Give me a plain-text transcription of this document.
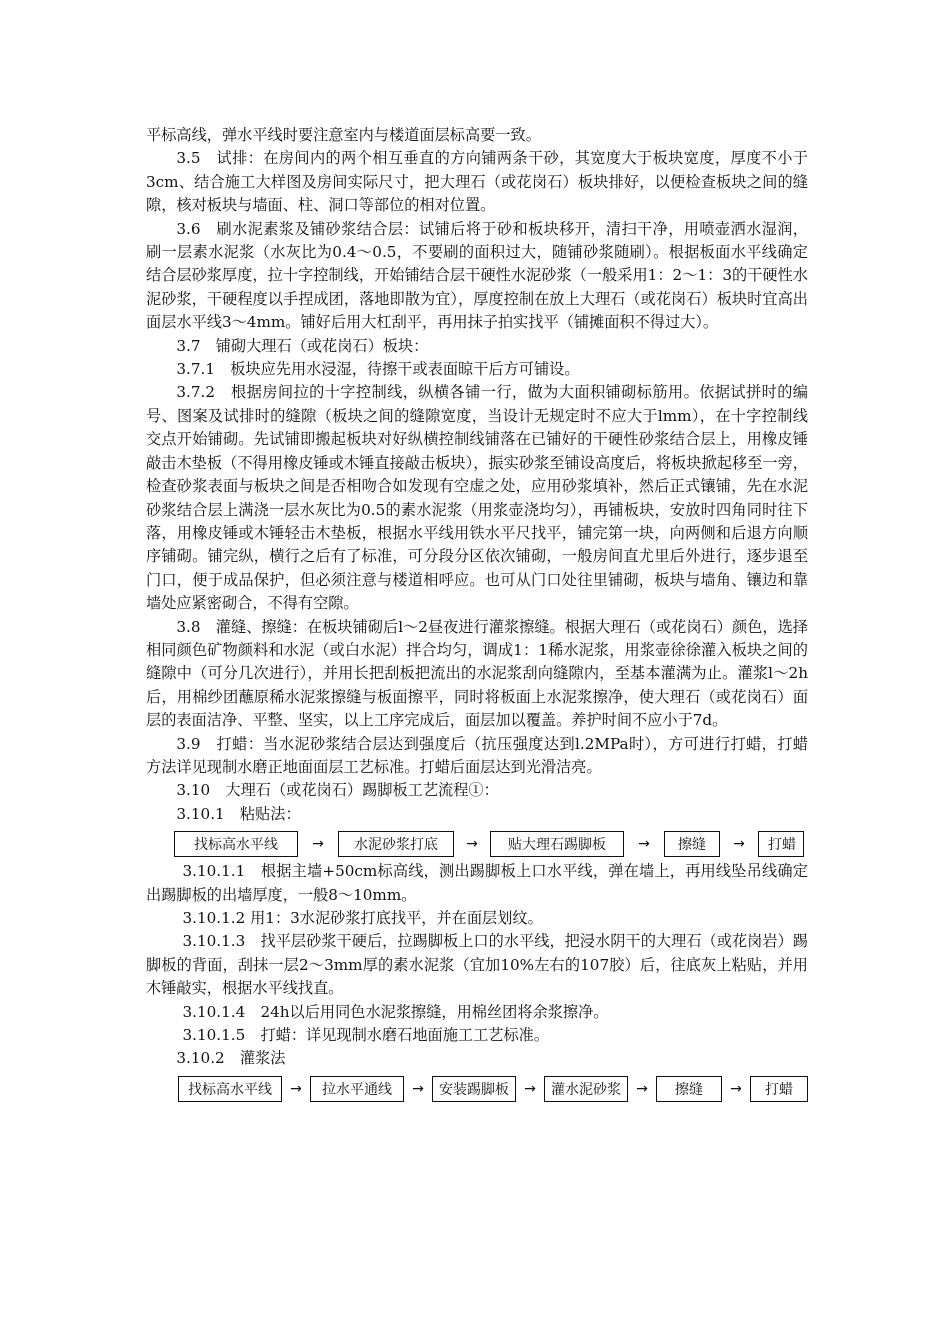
平标高线，弹水平线时要注意室内与楼道面层标高要一致。

3.5　试排：在房间内的两个相互垂直的方向铺两条干砂，其宽度大于板块宽度，厚度不小于3cm、结合施工大样图及房间实际尺寸，把大理石（或花岗石）板块排好，以便检查板块之间的缝隙，核对板块与墙面、柱、洞口等部位的相对位置。

3.6　刷水泥素浆及铺砂浆结合层：试铺后将于砂和板块移开，清扫干净，用喷壶洒水湿润，刷一层素水泥浆（水灰比为0.4～0.5，不要刷的面积过大，随铺砂浆随刷）。根据板面水平线确定结合层砂浆厚度，拉十字控制线，开始铺结合层干硬性水泥砂浆（一般采用1：2～1：3的干硬性水泥砂浆，干硬程度以手捏成团，落地即散为宜），厚度控制在放上大理石（或花岗石）板块时宜高出面层水平线3～4mm。铺好后用大杠刮平，再用抹子拍实找平（铺摊面积不得过大）。

3.7　铺砌大理石（或花岗石）板块：

3.7.1　板块应先用水浸湿，待擦干或表面晾干后方可铺设。

3.7.2　根据房间拉的十字控制线，纵横各铺一行，做为大面积铺砌标筋用。依据试拼时的编号、图案及试排时的缝隙（板块之间的缝隙宽度，当设计无规定时不应大于lmm），在十字控制线交点开始铺砌。先试铺即搬起板块对好纵横控制线铺落在已铺好的干硬性砂浆结合层上，用橡皮锤敲击木垫板（不得用橡皮锤或木锤直接敲击板块），振实砂浆至铺设高度后，将板块掀起移至一旁，检查砂浆表面与板块之间是否相吻合如发现有空虚之处，应用砂浆填补，然后正式镶铺，先在水泥砂浆结合层上满浇一层水灰比为0.5的素水泥浆（用浆壶浇均匀），再铺板块，安放时四角同时往下落，用橡皮锤或木锤轻击木垫板，根据水平线用铁水平尺找平，铺完第一块，向两侧和后退方向顺序铺砌。铺完纵，横行之后有了标准，可分段分区依次铺砌，一般房间直尤里后外进行，逐步退至门口，便于成品保护，但必须注意与楼道相呼应。也可从门口处往里铺砌，板块与墙角、镶边和靠墙处应紧密砌合，不得有空隙。

3.8　灌缝、擦缝：在板块铺砌后l～2昼夜进行灌浆擦缝。根据大理石（或花岗石）颜色，选择相同颜色矿物颜料和水泥（或白水泥）拌合均匀，调成1：1稀水泥浆，用浆壶徐徐灌入板块之间的缝隙中（可分几次进行），并用长把刮板把流出的水泥浆刮向缝隙内，至基本灌满为止。灌浆l～2h后，用棉纱团蘸原稀水泥浆擦缝与板面擦平，同时将板面上水泥浆擦净，使大理石（或花岗石）面层的表面洁净、平整、坚实，以上工序完成后，面层加以覆盖。养护时间不应小于7d。

3.9　打蜡：当水泥砂浆结合层达到强度后（抗压强度达到l.2MPa时），方可进行打蜡，打蜡方法详见现制水磨正地面面层工艺标准。打蜡后面层达到光滑洁亮。

3.10　大理石（或花岗石）踢脚板工艺流程①：

3.10.1　粘贴法：

找标高水平线	→	水泥砂浆打底	→	贴大理石踢脚板	→	擦缝	→	打蜡

3.10.1.1　根据主墙+50cm标高线，测出踢脚板上口水平线，弹在墙上，再用线坠吊线确定出踢脚板的出墙厚度，一般8～10mm。

3.10.1.2 用1：3水泥砂浆打底找平，并在面层划纹。

3.10.1.3　找平层砂浆干硬后，拉踢脚板上口的水平线，把浸水阴干的大理石（或花岗岩）踢脚板的背面，刮抹一层2～3mm厚的素水泥浆（宜加10%左右的107胶）后，往底灰上粘贴，并用木锤敲实，根据水平线找直。

3.10.1.4　24h以后用同色水泥浆擦缝，用棉丝团将余浆擦净。

3.10.1.5　打蜡：详见现制水磨石地面施工工艺标准。

3.10.2　灌浆法

找标高水平线	→	拉水平通线	→	安装踢脚板	→	灌水泥砂浆	→	擦缝	→	打蜡
